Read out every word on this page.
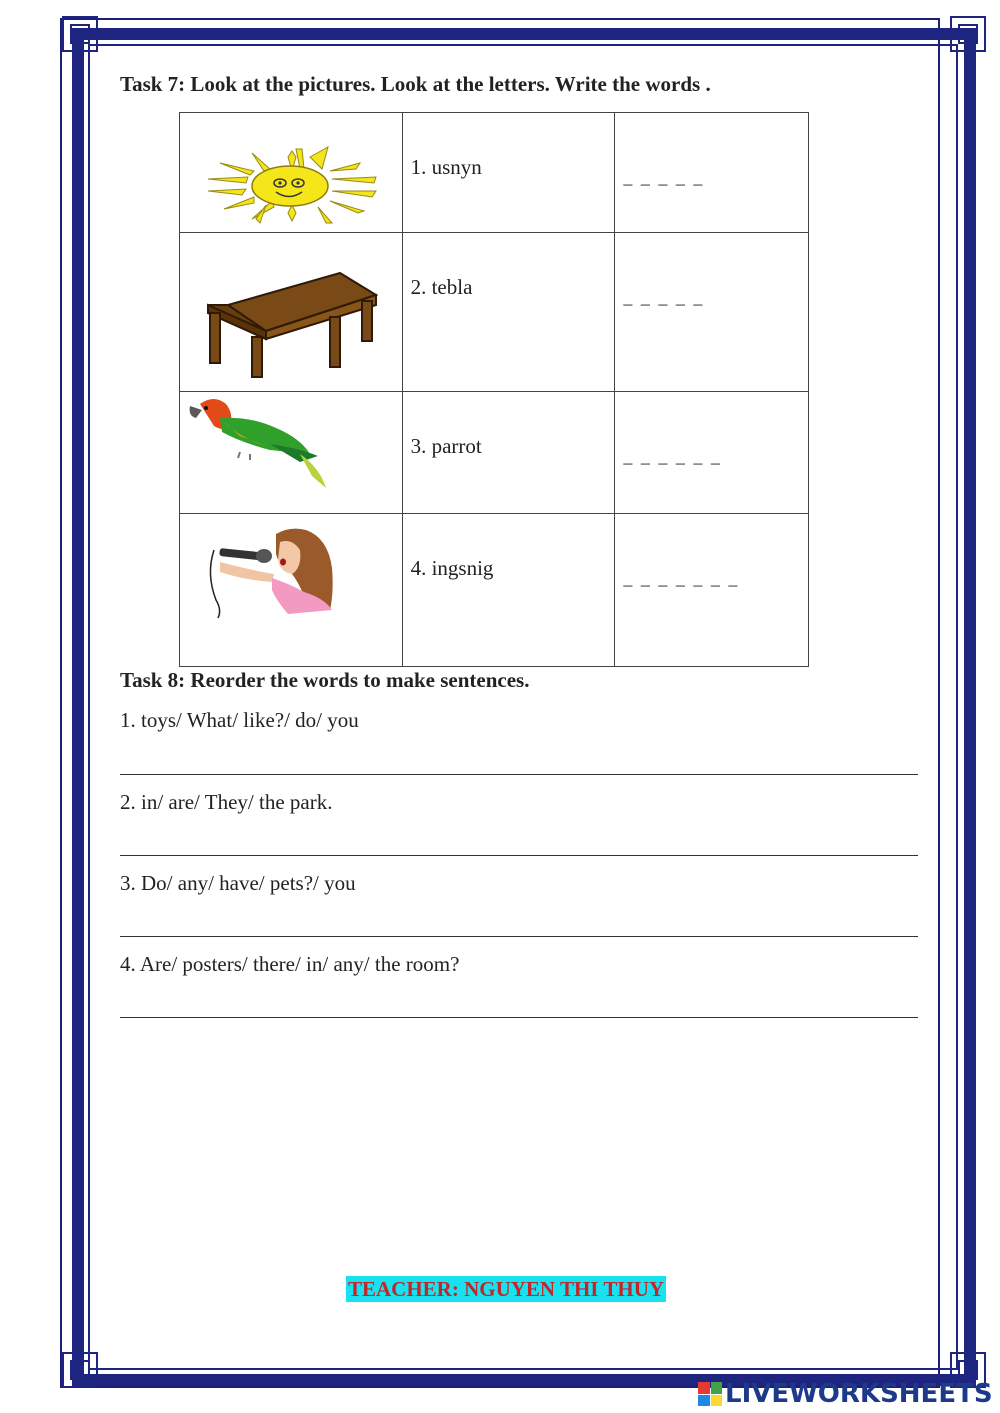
Task 7: Look at the pictures. Look at the letters. Write the words .
	1. usnyn	_ _ _ _ _

	2. tebla	_ _ _ _ _

	3. parrot	_ _ _ _ _ _

	4. ingsnig	_ _ _ _ _ _ _
Task 8: Reorder the words to make sentences.
1. toys/ What/ like?/ do/ you
2. in/ are/ They/ the park.
3. Do/ any/ have/ pets?/ you
4. Are/ posters/ there/ in/ any/ the room?
TEACHER: NGUYEN THI THUY
LIVEWORKSHEETS
